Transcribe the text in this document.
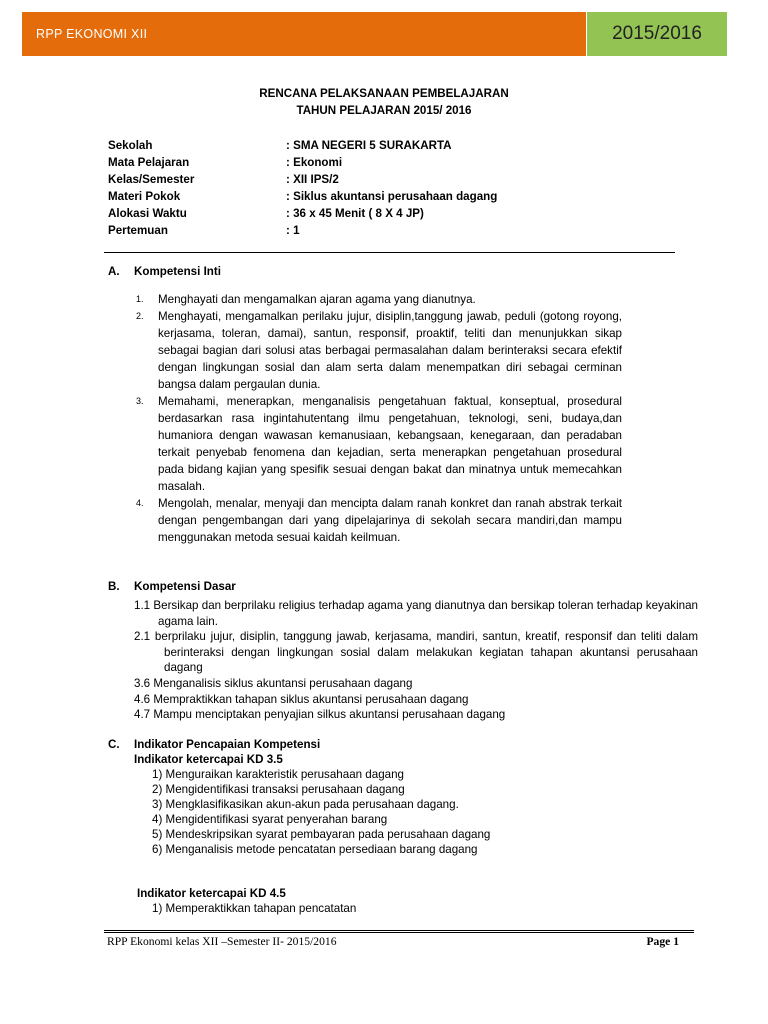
RPP EKONOMI XII	2015/2016
RENCANA PELAKSANAAN PEMBELAJARAN
TAHUN PELAJARAN 2015/ 2016
Sekolah	: SMA NEGERI 5 SURAKARTA
Mata Pelajaran	: Ekonomi
Kelas/Semester	: XII IPS/2
Materi Pokok	: Siklus akuntansi perusahaan dagang
Alokasi Waktu	: 36 x 45 Menit ( 8 X 4 JP)
Pertemuan	: 1
A.	Kompetensi Inti
1.	Menghayati dan mengamalkan ajaran agama yang dianutnya.
2.	Menghayati, mengamalkan perilaku jujur, disiplin,tanggung jawab, peduli (gotong royong, kerjasama, toleran, damai), santun, responsif, proaktif, teliti dan menunjukkan sikap sebagai bagian dari solusi atas berbagai permasalahan dalam berinteraksi secara efektif dengan lingkungan sosial dan alam serta dalam menempatkan diri sebagai cerminan bangsa dalam pergaulan dunia.
3.	Memahami, menerapkan, menganalisis pengetahuan faktual, konseptual, prosedural berdasarkan rasa ingintahutentang ilmu pengetahuan, teknologi, seni, budaya,dan humaniora dengan wawasan kemanusiaan, kebangsaan, kenegaraan, dan peradaban terkait penyebab fenomena dan kejadian, serta menerapkan pengetahuan prosedural pada bidang kajian yang spesifik sesuai dengan bakat dan minatnya untuk memecahkan masalah.
4.	Mengolah, menalar, menyaji dan mencipta dalam ranah konkret dan ranah abstrak terkait dengan pengembangan dari yang dipelajarinya di sekolah secara mandiri,dan mampu menggunakan metoda sesuai kaidah keilmuan.
B.	Kompetensi Dasar
1.1 Bersikap dan berprilaku religius terhadap agama yang dianutnya dan bersikap toleran terhadap keyakinan agama lain.
2.1 berprilaku jujur, disiplin, tanggung jawab, kerjasama, mandiri, santun, kreatif, responsif dan teliti dalam berinteraksi dengan lingkungan sosial dalam melakukan kegiatan tahapan akuntansi perusahaan dagang
3.6 Menganalisis siklus akuntansi perusahaan dagang
4.6 Mempraktikkan tahapan siklus akuntansi perusahaan dagang
4.7 Mampu menciptakan penyajian silkus akuntansi perusahaan dagang
C.	Indikator Pencapaian Kompetensi
Indikator ketercapai KD 3.5
1) Menguraikan karakteristik perusahaan dagang
2) Mengidentifikasi transaksi perusahaan dagang
3) Mengklasifikasikan akun-akun pada perusahaan dagang.
4) Mengidentifikasi syarat penyerahan barang
5) Mendeskripsikan syarat pembayaran pada perusahaan dagang
6) Menganalisis metode pencatatan persediaan barang dagang
Indikator ketercapai KD 4.5
1) Memperaktikkan tahapan pencatatan
RPP Ekonomi kelas XII –Semester II- 2015/2016	Page 1
